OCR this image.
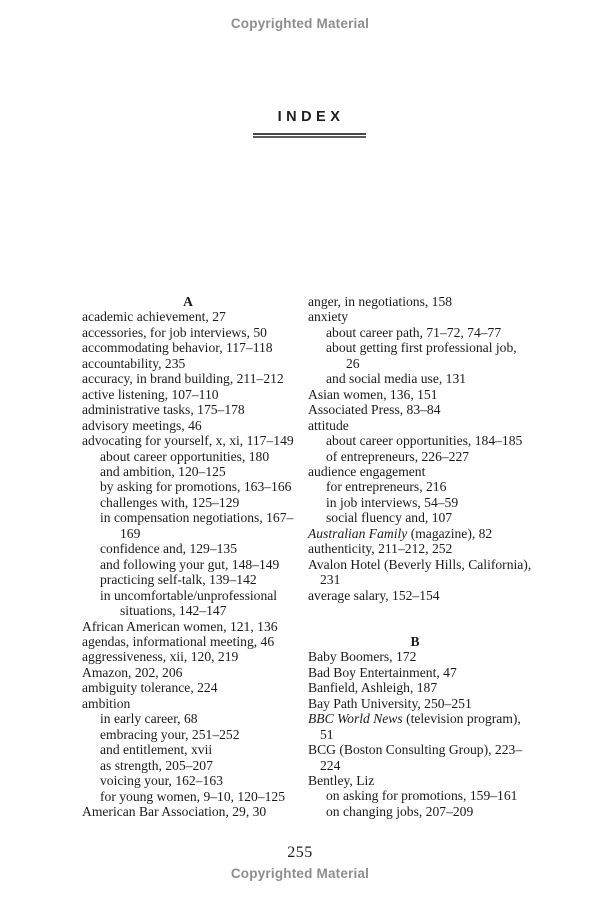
Copyrighted Material
INDEX
A
academic achievement, 27
accessories, for job interviews, 50
accommodating behavior, 117–118
accountability, 235
accuracy, in brand building, 211–212
active listening, 107–110
administrative tasks, 175–178
advisory meetings, 46
advocating for yourself, x, xi, 117–149
about career opportunities, 180
and ambition, 120–125
by asking for promotions, 163–166
challenges with, 125–129
in compensation negotiations, 167–
169
confidence and, 129–135
and following your gut, 148–149
practicing self-talk, 139–142
in uncomfortable/unprofessional
situations, 142–147
African American women, 121, 136
agendas, informational meeting, 46
aggressiveness, xii, 120, 219
Amazon, 202, 206
ambiguity tolerance, 224
ambition
in early career, 68
embracing your, 251–252
and entitlement, xvii
as strength, 205–207
voicing your, 162–163
for young women, 9–10, 120–125
American Bar Association, 29, 30
anger, in negotiations, 158
anxiety
about career path, 71–72, 74–77
about getting first professional job,
26
and social media use, 131
Asian women, 136, 151
Associated Press, 83–84
attitude
about career opportunities, 184–185
of entrepreneurs, 226–227
audience engagement
for entrepreneurs, 216
in job interviews, 54–59
social fluency and, 107
Australian Family (magazine), 82
authenticity, 211–212, 252
Avalon Hotel (Beverly Hills, California),
231
average salary, 152–154
B
Baby Boomers, 172
Bad Boy Entertainment, 47
Banfield, Ashleigh, 187
Bay Path University, 250–251
BBC World News (television program),
51
BCG (Boston Consulting Group), 223–
224
Bentley, Liz
on asking for promotions, 159–161
on changing jobs, 207–209
255
Copyrighted Material
